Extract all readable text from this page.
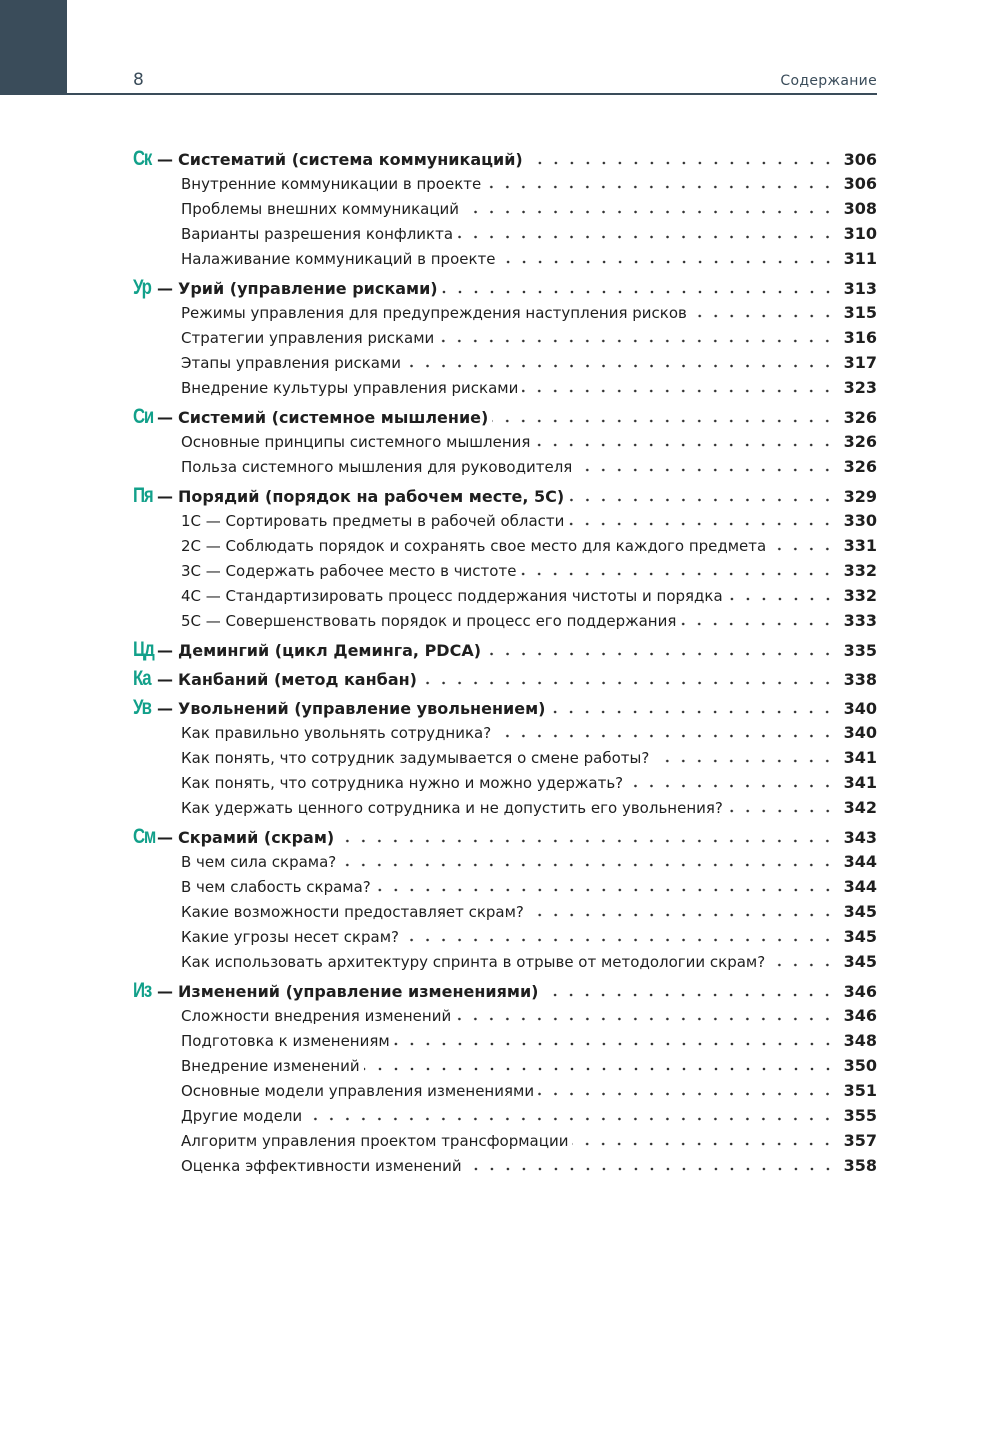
8	Содержание
Ск — Систематий (система коммуникаций)	306
Внутренние коммуникации в проекте	306
Проблемы внешних коммуникаций	308
Варианты разрешения конфликта	310
Налаживание коммуникаций в проекте	311
Ур — Урий (управление рисками)	313
Режимы управления для предупреждения наступления рисков	315
Стратегии управления рисками	316
Этапы управления рисками	317
Внедрение культуры управления рисками	323
Си — Системий (системное мышление)	326
Основные принципы системного мышления	326
Польза системного мышления для руководителя	326
Пя — Порядий (порядок на рабочем месте, 5С)	329
1С — Сортировать предметы в рабочей области	330
2С — Соблюдать порядок и сохранять свое место для каждого предмета	331
3С — Содержать рабочее место в чистоте	332
4С — Стандартизировать процесс поддержания чистоты и порядка	332
5С — Совершенствовать порядок и процесс его поддержания	333
Цд — Демингий (цикл Деминга, PDCA)	335
Ка — Канбаний (метод канбан)	338
Ув — Увольнений (управление увольнением)	340
Как правильно увольнять сотрудника?	340
Как понять, что сотрудник задумывается о смене работы?	341
Как понять, что сотрудника нужно и можно удержать?	341
Как удержать ценного сотрудника и не допустить его увольнения?	342
См — Скрамий (скрам)	343
В чем сила скрама?	344
В чем слабость скрама?	344
Какие возможности предоставляет скрам?	345
Какие угрозы несет скрам?	345
Как использовать архитектуру спринта в отрыве от методологии скрам?	345
Из — Изменений (управление изменениями)	346
Сложности внедрения изменений	346
Подготовка к изменениям	348
Внедрение изменений	350
Основные модели управления изменениями	351
Другие модели	355
Алгоритм управления проектом трансформации	357
Оценка эффективности изменений	358
